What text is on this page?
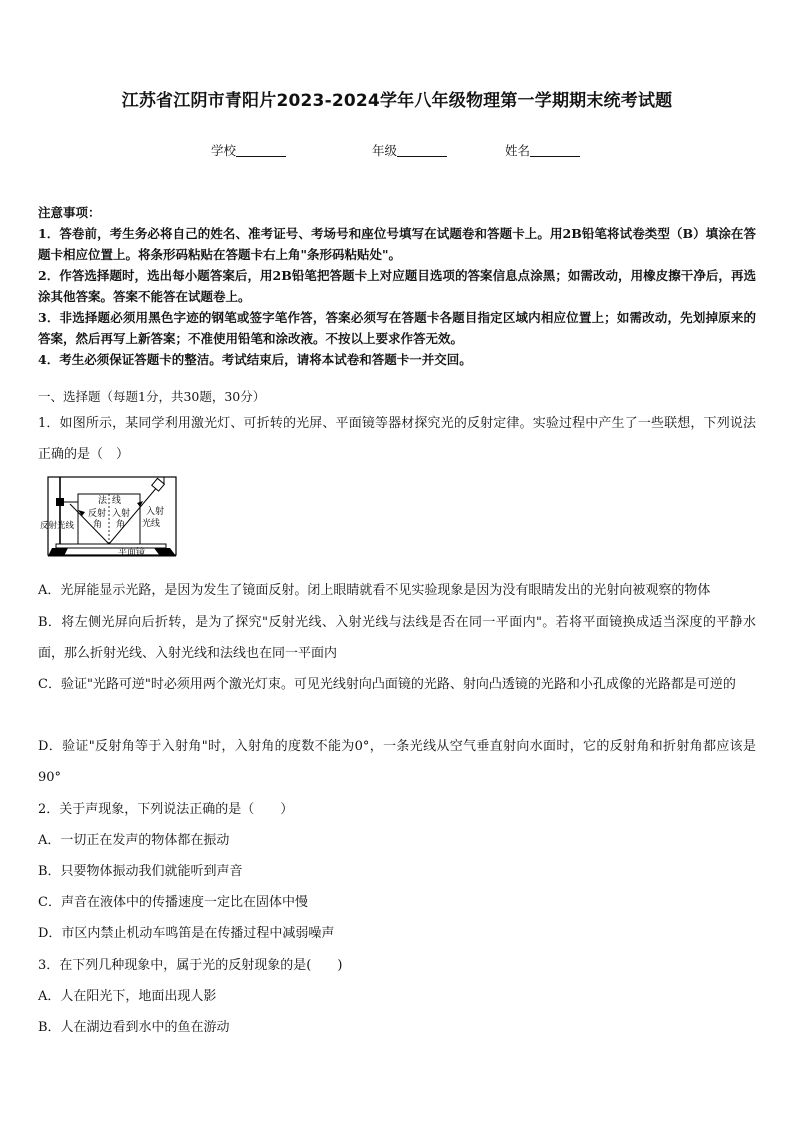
江苏省江阴市青阳片2023-2024学年八年级物理第一学期期末统考试题
学校	年级	姓名

注意事项：

1．答卷前，考生务必将自己的姓名、准考证号、考场号和座位号填写在试题卷和答题卡上。用2B铅笔将试卷类型（B）填涂在答题卡相应位置上。将条形码粘贴在答题卡右上角"条形码粘贴处"。

2．作答选择题时，选出每小题答案后，用2B铅笔把答题卡上对应题目选项的答案信息点涂黑；如需改动，用橡皮擦干净后，再选涂其他答案。答案不能答在试题卷上。

3．非选择题必须用黑色字迹的钢笔或签字笔作答，答案必须写在答题卡各题目指定区域内相应位置上；如需改动，先划掉原来的答案，然后再写上新答案；不准使用铅笔和涂改液。不按以上要求作答无效。

4．考生必须保证答题卡的整洁。考试结束后，请将本试卷和答题卡一并交回。

一、选择题（每题1分，共30题，30分）
1．如图所示，某同学利用激光灯、可折转的光屏、平面镜等器材探究光的反射定律。实验过程中产生了一些联想，下列说法正确的是（　）
法 线
反射
角
入射
角
反射光线
入射
光线
平面镜
A．光屏能显示光路，是因为发生了镜面反射。闭上眼睛就看不见实验现象是因为没有眼睛发出的光射向被观察的物体
B．将左侧光屏向后折转，是为了探究"反射光线、入射光线与法线是否在同一平面内"。若将平面镜换成适当深度的平静水面，那么折射光线、入射光线和法线也在同一平面内
C．验证"光路可逆"时必须用两个激光灯束。可见光线射向凸面镜的光路、射向凸透镜的光路和小孔成像的光路都是可逆的
D．验证"反射角等于入射角"时，入射角的度数不能为0°，一条光线从空气垂直射向水面时，它的反射角和折射角都应该是90°
2．关于声现象，下列说法正确的是（　　）
A．一切正在发声的物体都在振动
B．只要物体振动我们就能听到声音
C．声音在液体中的传播速度一定比在固体中慢
D．市区内禁止机动车鸣笛是在传播过程中减弱噪声
3．在下列几种现象中，属于光的反射现象的是(　　)
A．人在阳光下，地面出现人影
B．人在湖边看到水中的鱼在游动
